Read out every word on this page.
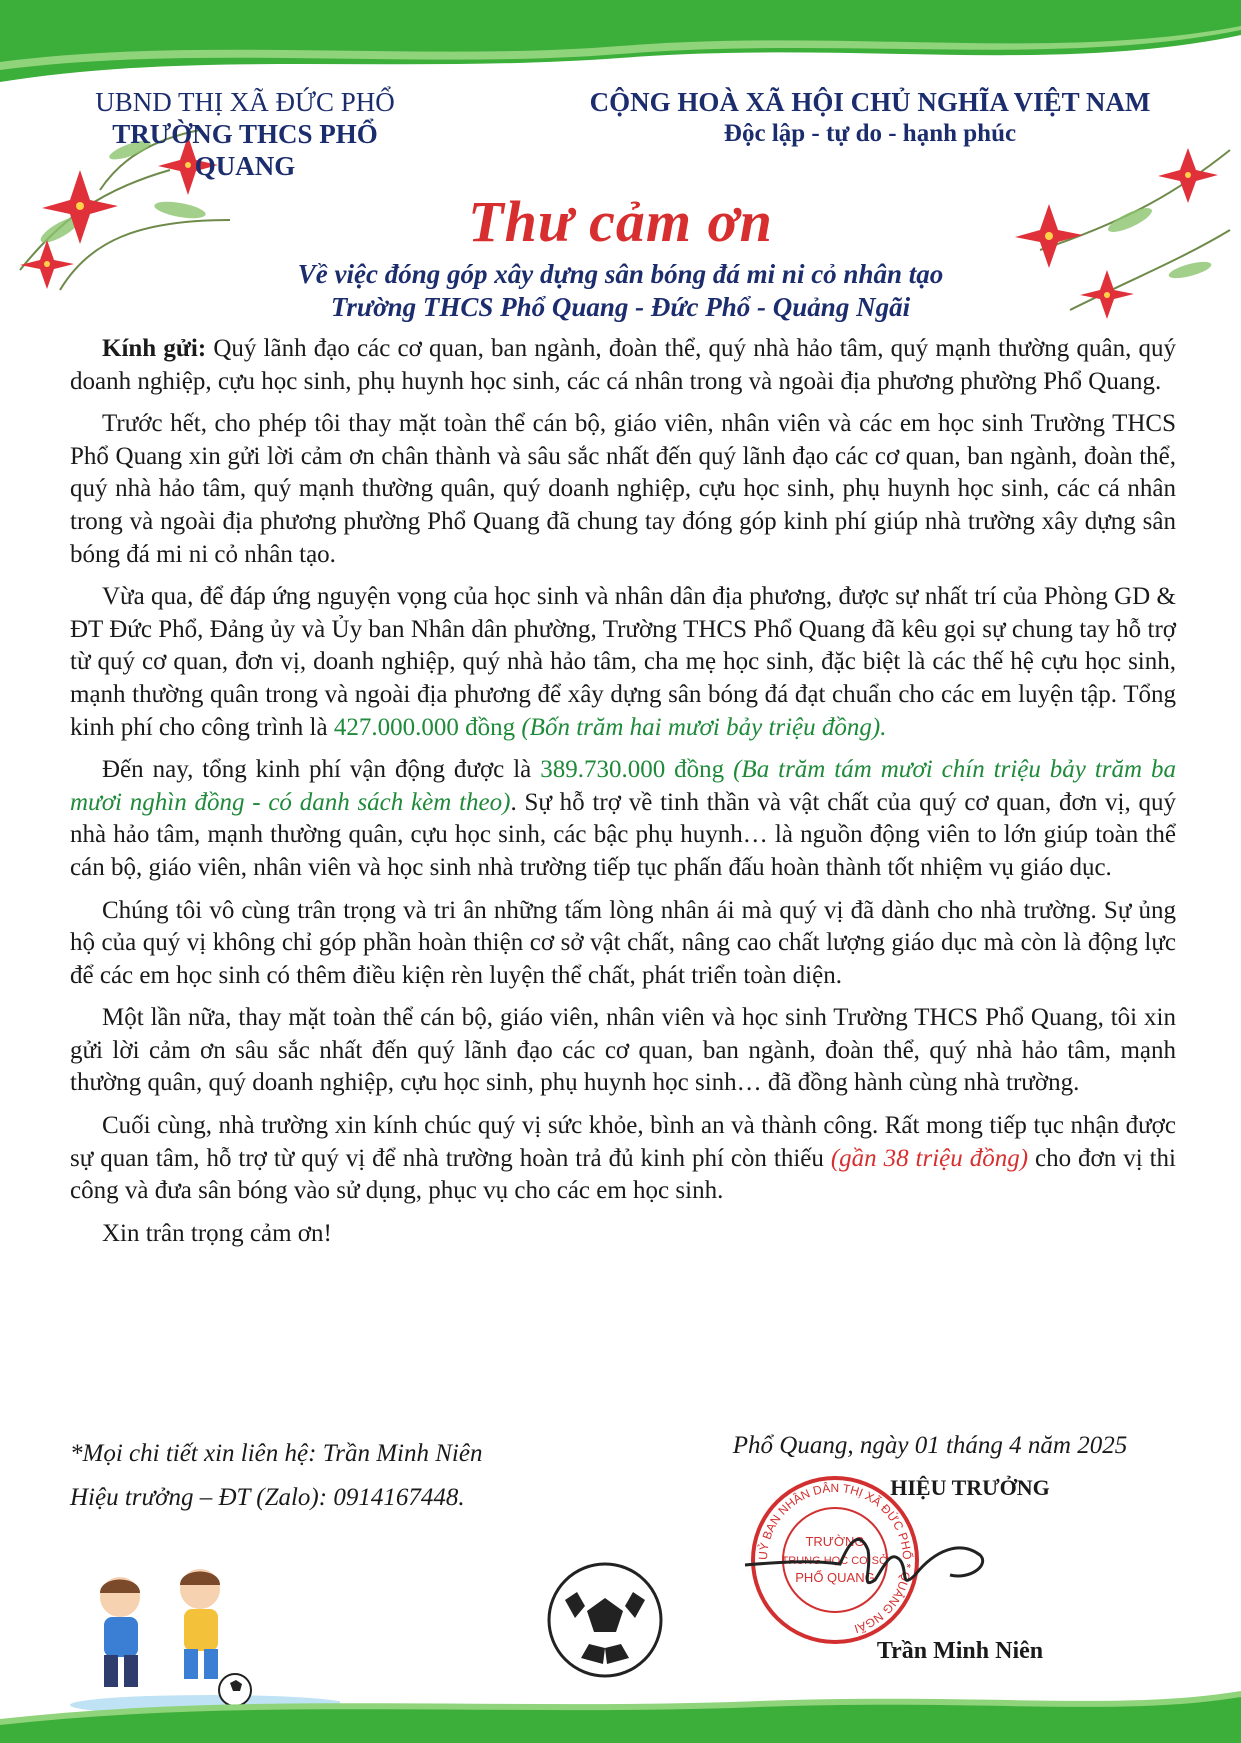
UBND THỊ XÃ ĐỨC PHỔ
TRƯỜNG THCS PHỔ QUANG
CỘNG HOÀ XÃ HỘI CHỦ NGHĨA VIỆT NAM
Độc lập - tự do - hạnh phúc
Thư cảm ơn
Về việc đóng góp xây dựng sân bóng đá mi ni cỏ nhân tạo
Trường THCS Phổ Quang - Đức Phổ - Quảng Ngãi

Kính gửi: Quý lãnh đạo các cơ quan, ban ngành, đoàn thể, quý nhà hảo tâm, quý mạnh thường quân, quý doanh nghiệp, cựu học sinh, phụ huynh học sinh, các cá nhân trong và ngoài địa phương phường Phổ Quang.

Trước hết, cho phép tôi thay mặt toàn thể cán bộ, giáo viên, nhân viên và các em học sinh Trường THCS Phổ Quang xin gửi lời cảm ơn chân thành và sâu sắc nhất đến quý lãnh đạo các cơ quan, ban ngành, đoàn thể, quý nhà hảo tâm, quý mạnh thường quân, quý doanh nghiệp, cựu học sinh, phụ huynh học sinh, các cá nhân trong và ngoài địa phương phường Phổ Quang đã chung tay đóng góp kinh phí giúp nhà trường xây dựng sân bóng đá mi ni cỏ nhân tạo.

Vừa qua, để đáp ứng nguyện vọng của học sinh và nhân dân địa phương, được sự nhất trí của Phòng GD & ĐT Đức Phổ, Đảng ủy và Ủy ban Nhân dân phường, Trường THCS Phổ Quang đã kêu gọi sự chung tay hỗ trợ từ quý cơ quan, đơn vị, doanh nghiệp, quý nhà hảo tâm, cha mẹ học sinh, đặc biệt là các thế hệ cựu học sinh, mạnh thường quân trong và ngoài địa phương để xây dựng sân bóng đá đạt chuẩn cho các em luyện tập. Tổng kinh phí cho công trình là 427.000.000 đồng (Bốn trăm hai mươi bảy triệu đồng).

Đến nay, tổng kinh phí vận động được là 389.730.000 đồng (Ba trăm tám mươi chín triệu bảy trăm ba mươi nghìn đồng - có danh sách kèm theo). Sự hỗ trợ về tinh thần và vật chất của quý cơ quan, đơn vị, quý nhà hảo tâm, mạnh thường quân, cựu học sinh, các bậc phụ huynh… là nguồn động viên to lớn giúp toàn thể cán bộ, giáo viên, nhân viên và học sinh nhà trường tiếp tục phấn đấu hoàn thành tốt nhiệm vụ giáo dục.

Chúng tôi vô cùng trân trọng và tri ân những tấm lòng nhân ái mà quý vị đã dành cho nhà trường. Sự ủng hộ của quý vị không chỉ góp phần hoàn thiện cơ sở vật chất, nâng cao chất lượng giáo dục mà còn là động lực để các em học sinh có thêm điều kiện rèn luyện thể chất, phát triển toàn diện.

Một lần nữa, thay mặt toàn thể cán bộ, giáo viên, nhân viên và học sinh Trường THCS Phổ Quang, tôi xin gửi lời cảm ơn sâu sắc nhất đến quý lãnh đạo các cơ quan, ban ngành, đoàn thể, quý nhà hảo tâm, mạnh thường quân, quý doanh nghiệp, cựu học sinh, phụ huynh học sinh… đã đồng hành cùng nhà trường.

Cuối cùng, nhà trường xin kính chúc quý vị sức khỏe, bình an và thành công. Rất mong tiếp tục nhận được sự quan tâm, hỗ trợ từ quý vị để nhà trường hoàn trả đủ kinh phí còn thiếu (gần 38 triệu đồng) cho đơn vị thi công và đưa sân bóng vào sử dụng, phục vụ cho các em học sinh.

Xin trân trọng cảm ơn!

*Mọi chi tiết xin liên hệ: Trần Minh Niên
Hiệu trưởng – ĐT (Zalo): 0914167448.
Phổ Quang, ngày 01 tháng 4 năm 2025
UỶ BAN NHÂN DÂN THỊ XÃ ĐỨC PHỔ * QUẢNG NGÃI
TRƯỜNG
TRUNG HỌC CƠ SỞ
PHỔ QUANG
HIỆU TRƯỞNG
Trần Minh Niên
